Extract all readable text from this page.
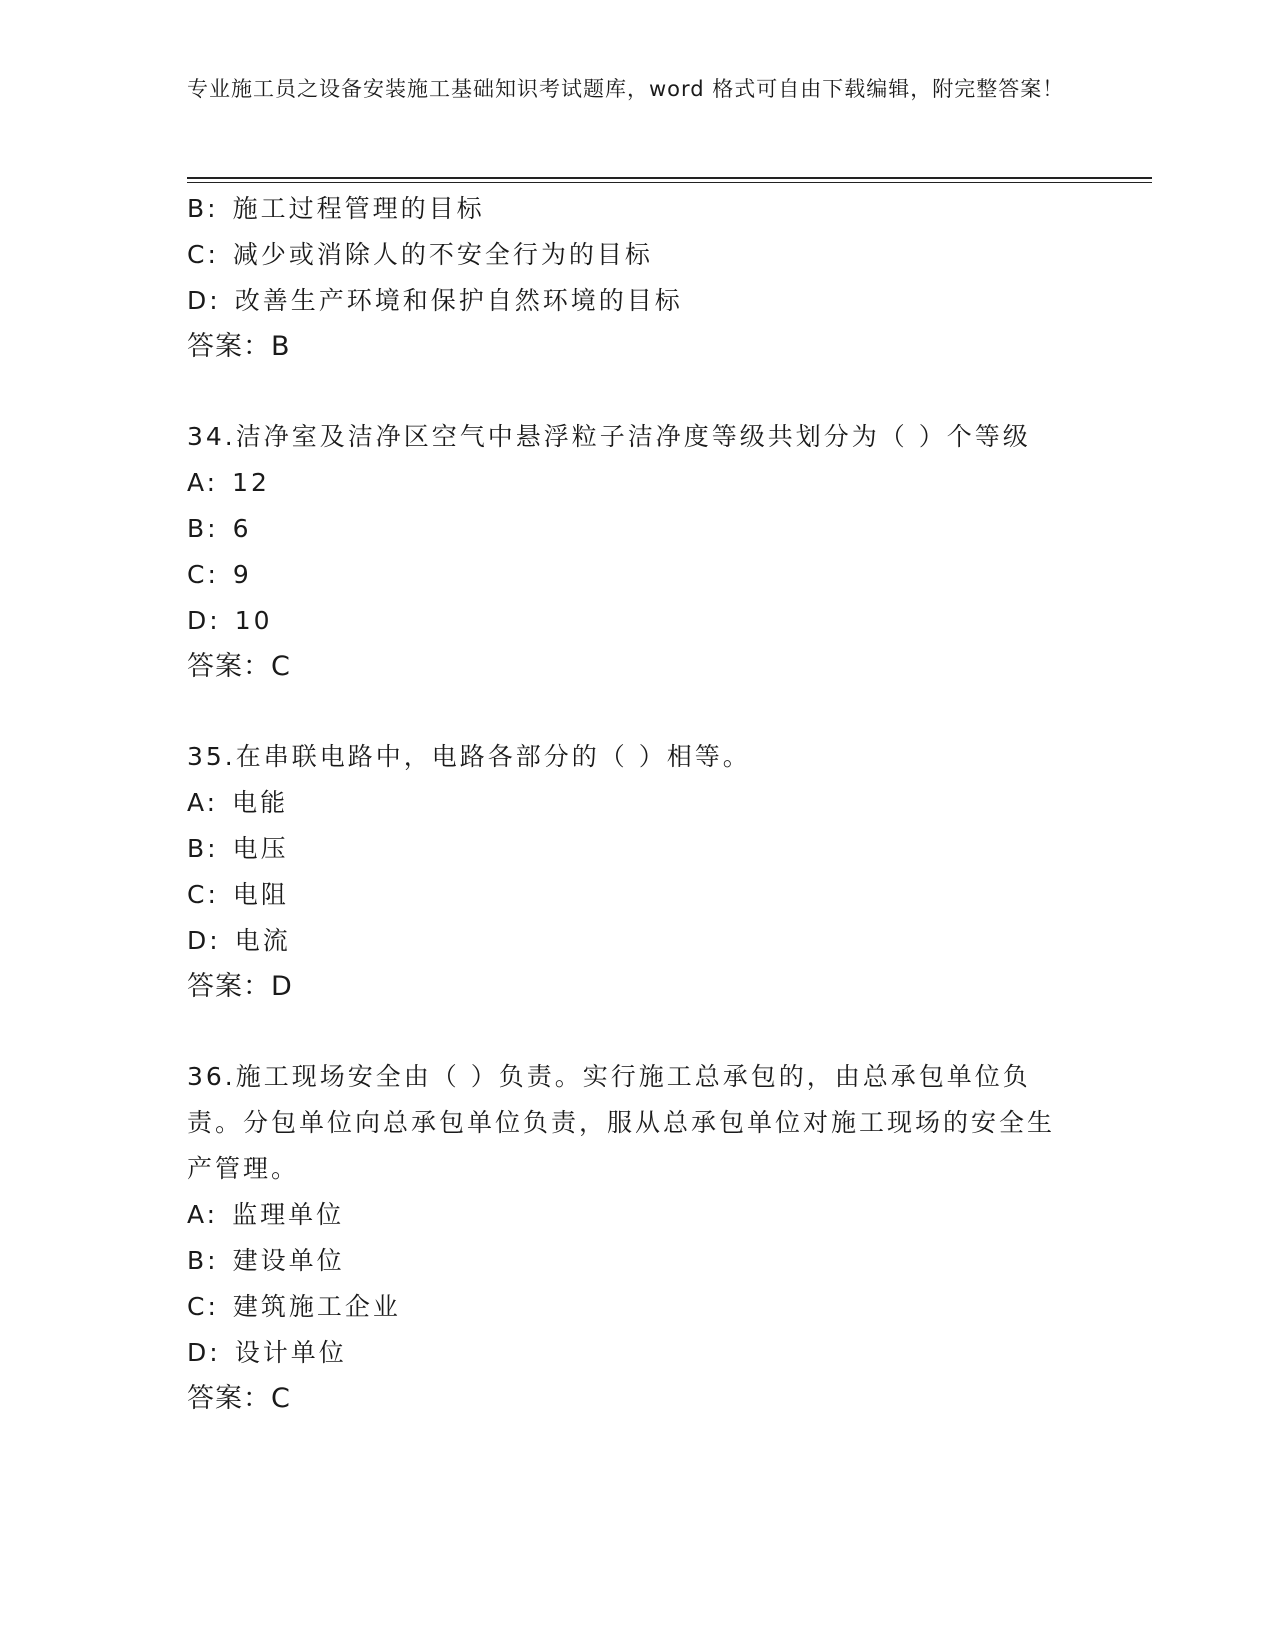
专业施工员之设备安装施工基础知识考试题库，word 格式可自由下载编辑，附完整答案！
B: 施工过程管理的目标
C: 减少或消除人的不安全行为的目标
D: 改善生产环境和保护自然环境的目标
答案：B
34.洁净室及洁净区空气中悬浮粒子洁净度等级共划分为（ ）个等级
A: 12
B: 6
C: 9
D: 10
答案：C
35.在串联电路中，电路各部分的（ ）相等。
A: 电能
B: 电压
C: 电阻
D: 电流
答案：D
36.施工现场安全由（ ）负责。实行施工总承包的，由总承包单位负责。分包单位向总承包单位负责，服从总承包单位对施工现场的安全生产管理。
A: 监理单位
B: 建设单位
C: 建筑施工企业
D: 设计单位
答案：C
